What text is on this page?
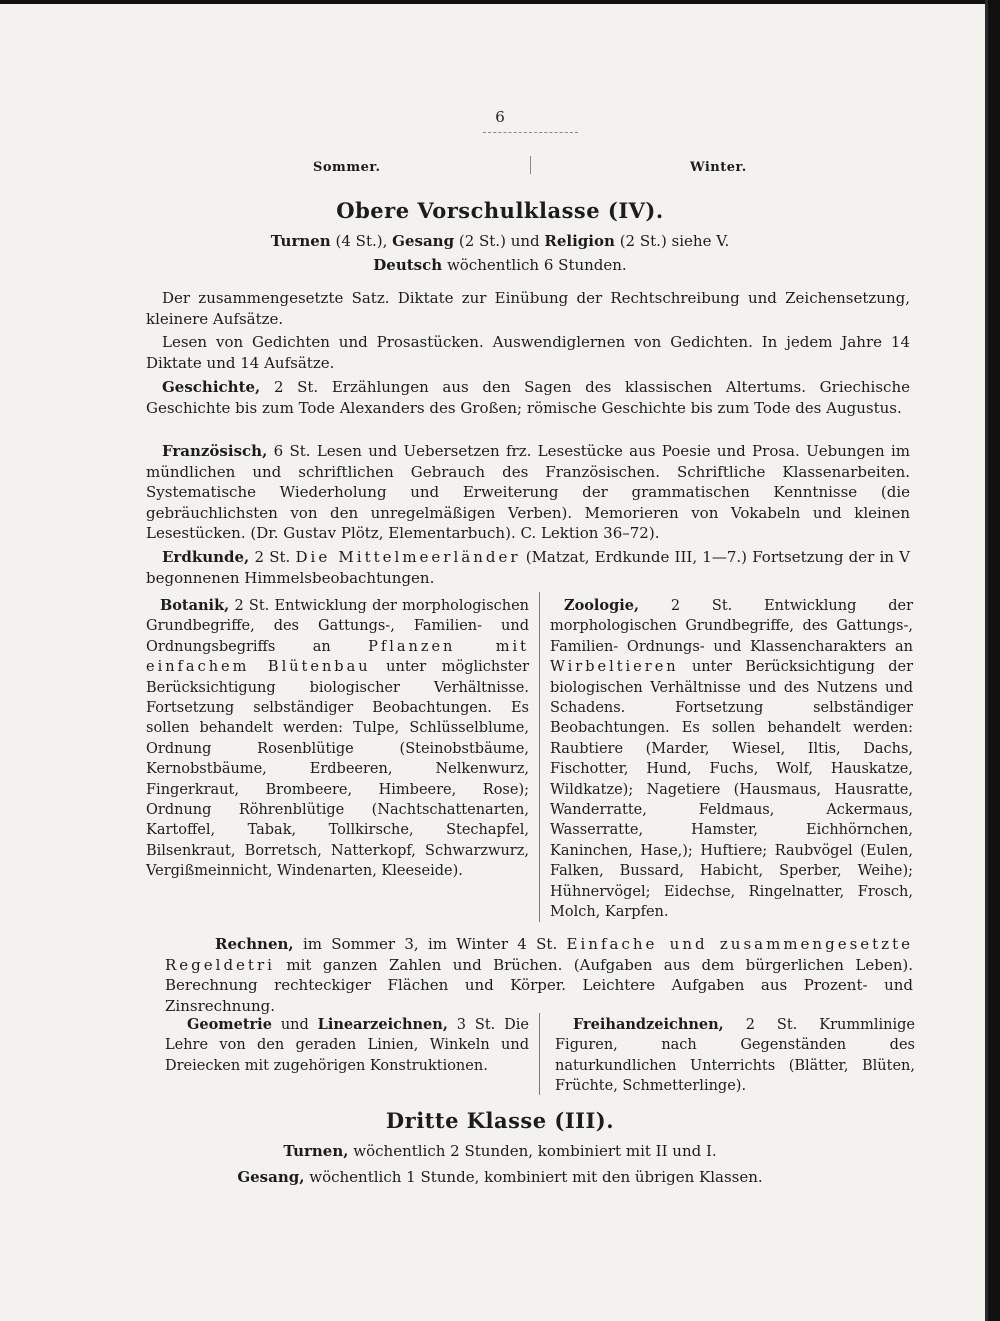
6
Sommer.	Winter.
Obere Vorschulklasse (IV).
Turnen (4 St.), Gesang (2 St.) und Religion (2 St.) siehe V.
Deutsch wöchentlich 6 Stunden.
Der zusammengesetzte Satz. Diktate zur Einübung der Rechtschreibung und Zeichensetzung, kleinere Aufsätze.
Lesen von Gedichten und Prosastücken. Auswendiglernen von Gedichten. In jedem Jahre 14 Diktate und 14 Aufsätze.
Geschichte, 2 St. Erzählungen aus den Sagen des klassischen Altertums. Griechische Geschichte bis zum Tode Alexanders des Großen; römische Geschichte bis zum Tode des Augustus.
Französisch, 6 St. Lesen und Uebersetzen frz. Lesestücke aus Poesie und Prosa. Uebungen im mündlichen und schriftlichen Gebrauch des Französischen. Schriftliche Klassenarbeiten. Systematische Wiederholung und Erweiterung der grammatischen Kenntnisse (die gebräuchlichsten von den unregelmäßigen Verben). Memorieren von Vokabeln und kleinen Lesestücken. (Dr. Gustav Plötz, Elementarbuch). C. Lektion 36–72).
Erdkunde, 2 St. Die Mittelmeerländer (Matzat, Erdkunde III, 1—7.) Fortsetzung der in V begonnenen Himmelsbeobachtungen.
Botanik, 2 St. Entwicklung der morphologischen Grundbegriffe, des Gattungs-, Familien- und Ordnungsbegriffs an	Pflanzen mit einfachem Blütenbau unter möglichster Berücksichtigung biologischer Verhältnisse. Fortsetzung selbständiger Beobachtungen. Es sollen behandelt werden: Tulpe, Schlüsselblume, Ordnung Rosenblütige (Steinobstbäume, Kernobstbäume, Erdbeeren, Nelkenwurz, Fingerkraut, Brombeere, Himbeere, Rose); Ordnung Röhrenblütige (Nachtschattenarten, Kartoffel, Tabak, Tollkirsche, Stechapfel, Bilsenkraut, Borretsch, Natterkopf, Schwarzwurz, Vergißmeinnicht, Windenarten, Kleeseide).
Zoologie, 2 St. Entwicklung der morphologischen Grundbegriffe, des Gattungs-, Familien- Ordnungs- und Klassencharakters an Wirbeltieren unter Berücksichtigung der biologischen Verhältnisse und des Nutzens und Schadens. Fortsetzung selbständiger Beobachtungen. Es sollen behandelt werden: Raubtiere (Marder, Wiesel, Iltis, Dachs, Fischotter, Hund, Fuchs, Wolf, Hauskatze, Wildkatze); Nagetiere (Hausmaus, Hausratte, Wanderratte, Feldmaus, Ackermaus, Wasserratte, Hamster, Eichhörnchen, Kaninchen, Hase,); Huftiere; Raubvögel (Eulen, Falken, Bussard, Habicht, Sperber, Weihe); Hühnervögel; Eidechse, Ringelnatter, Frosch, Molch, Karpfen.
Rechnen, im Sommer 3, im Winter 4 St. Einfache und zusammengesetzte Regeldetri mit ganzen Zahlen und Brüchen. (Aufgaben aus dem bürgerlichen Leben). Berechnung rechteckiger Flächen und Körper. Leichtere Aufgaben aus Prozent- und Zinsrechnung.
Geometrie und Linearzeichnen, 3 St. Die Lehre von den geraden Linien, Winkeln und Dreiecken mit zugehörigen Konstruktionen.
Freihandzeichnen, 2 St. Krummlinige Figuren, nach Gegenständen des naturkundlichen Unterrichts (Blätter, Blüten, Früchte, Schmetterlinge).
Dritte Klasse (III).
Turnen, wöchentlich 2 Stunden, kombiniert mit II und I.
Gesang, wöchentlich 1 Stunde, kombiniert mit den übrigen Klassen.
